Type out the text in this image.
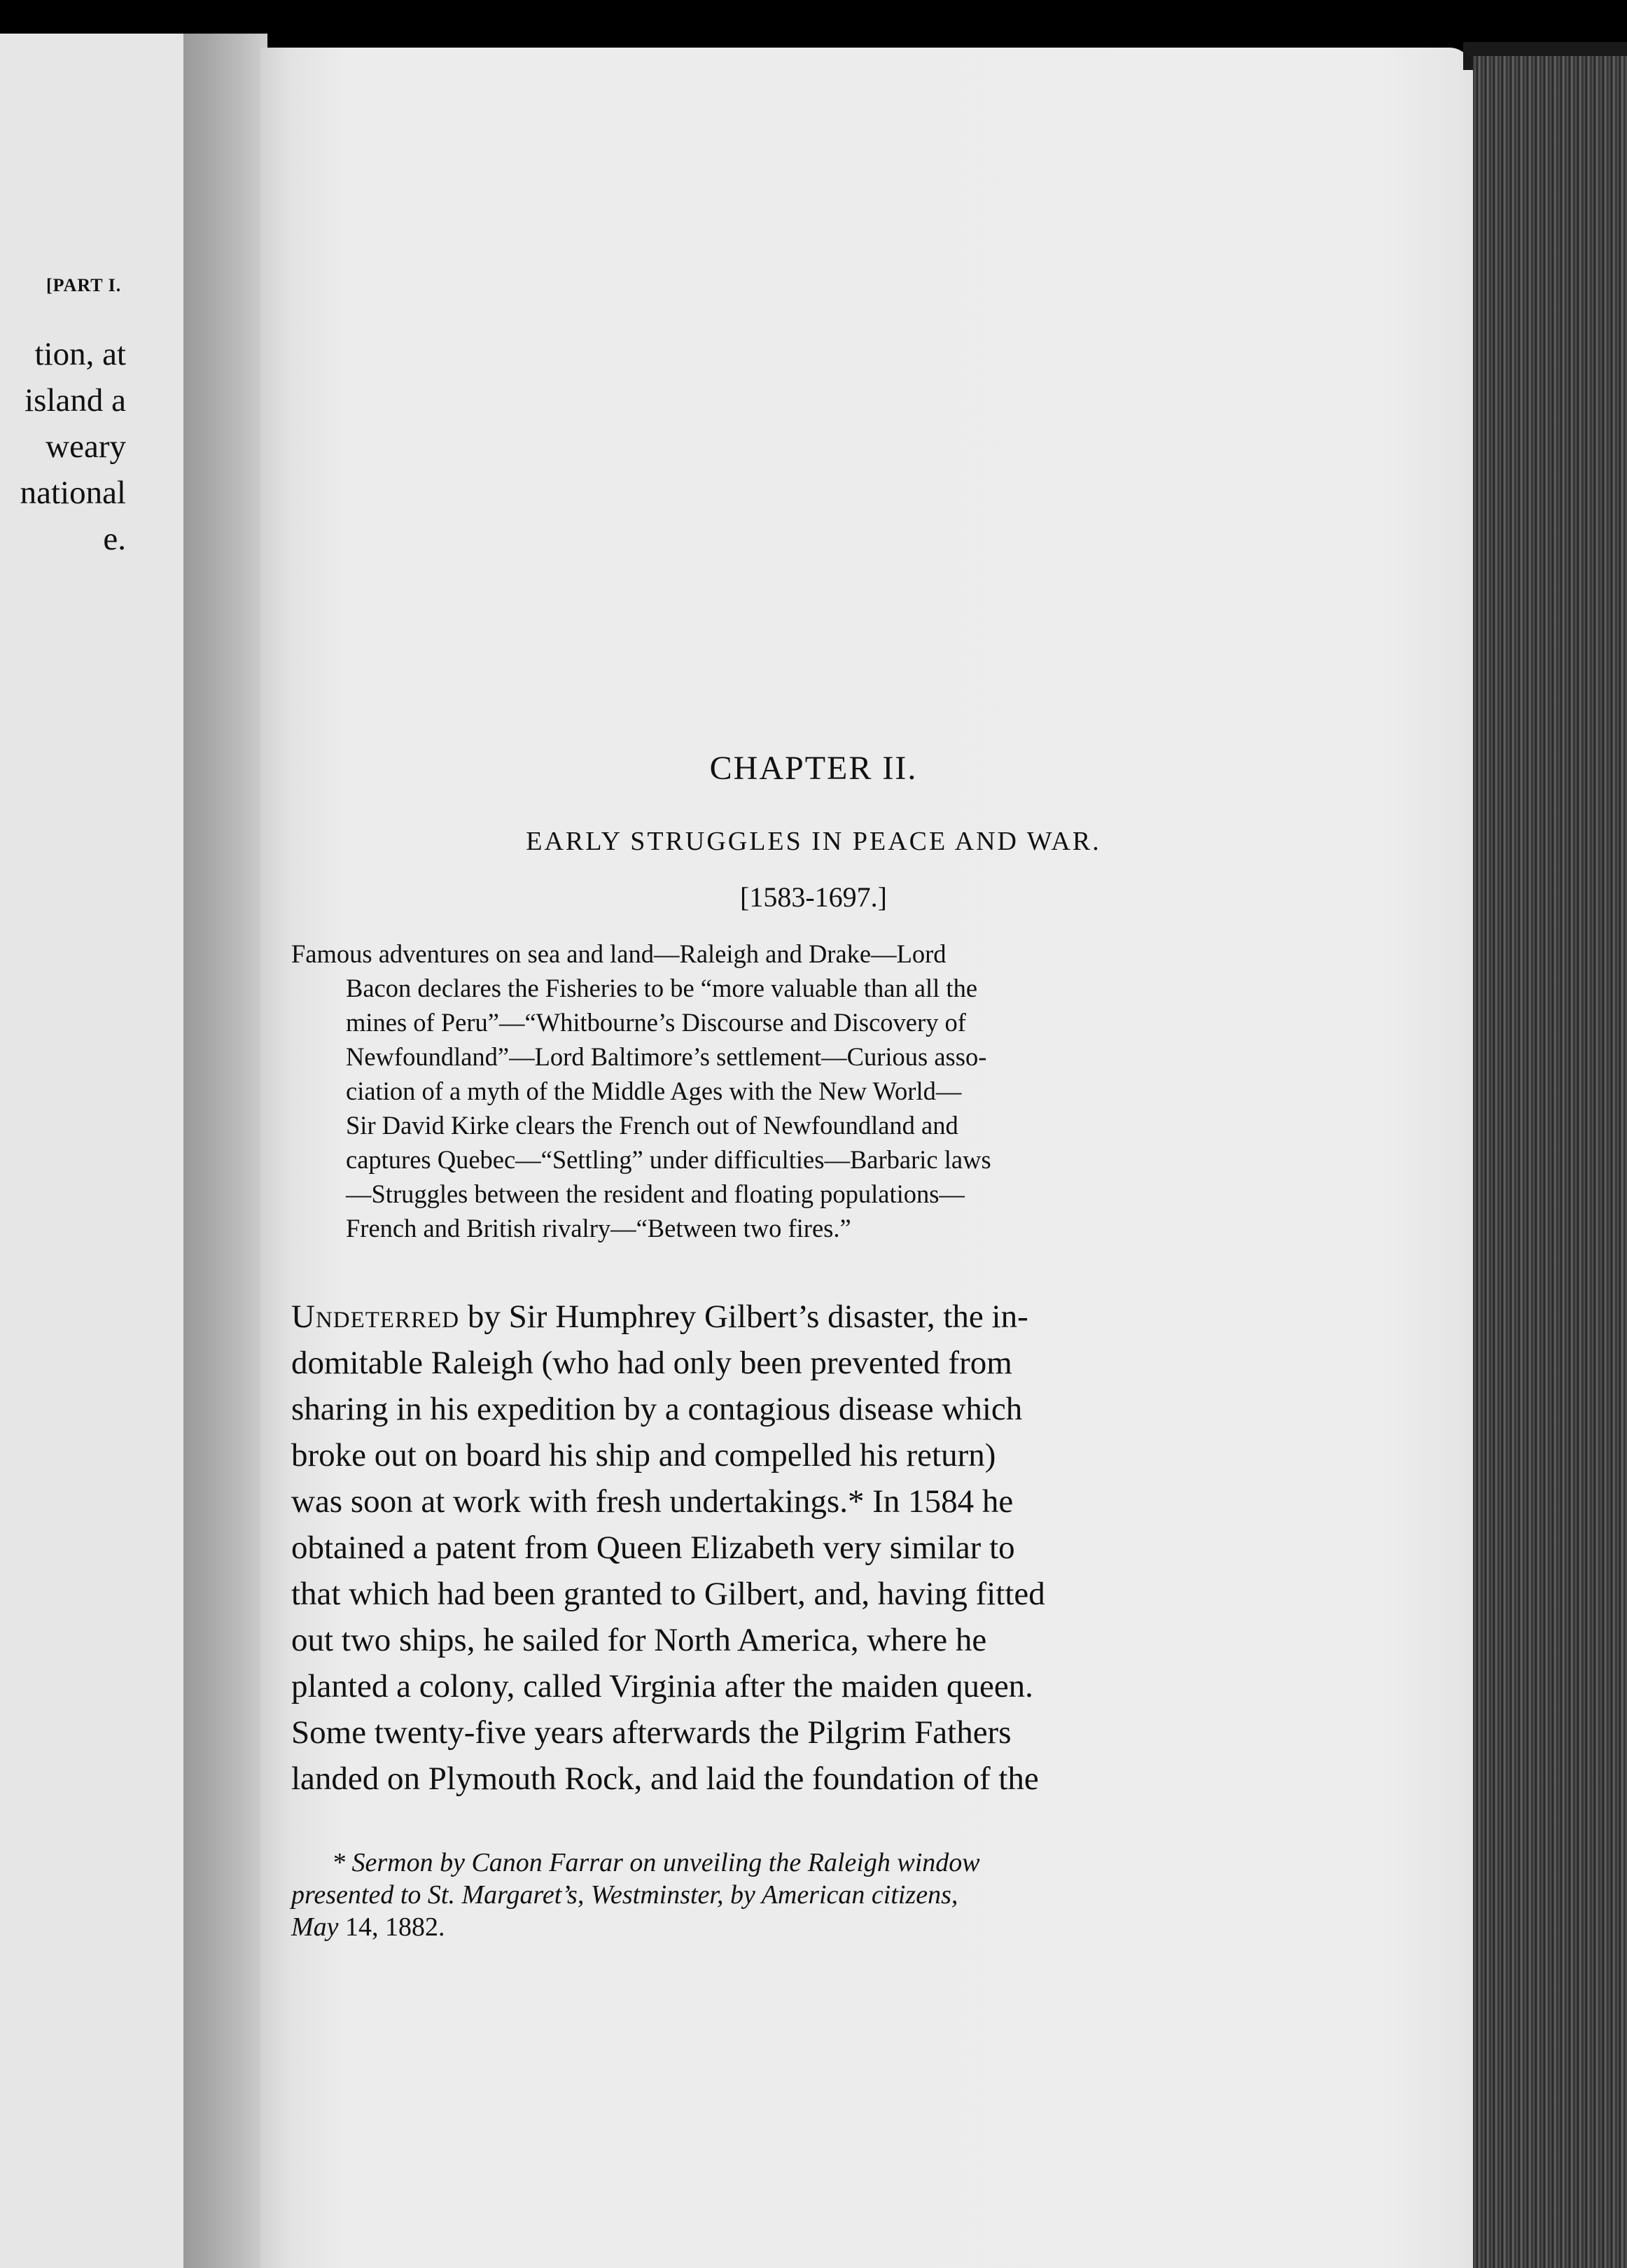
[PART I.
tion, at
island a
weary
national
e.
CHAPTER II.
EARLY STRUGGLES IN PEACE AND WAR.
[1583-1697.]
Famous adventures on sea and land—Raleigh and Drake—Lord
Bacon declares the Fisheries to be “more valuable than all the
mines of Peru”—“Whitbourne’s Discourse and Discovery of
Newfoundland”—Lord Baltimore’s settlement—Curious asso-
ciation of a myth of the Middle Ages with the New World—
Sir David Kirke clears the French out of Newfoundland and
captures Quebec—“Settling” under difficulties—Barbaric laws
—Struggles between the resident and floating populations—
French and British rivalry—“Between two fires.”
Undeterred by Sir Humphrey Gilbert’s disaster, the in-
domitable Raleigh (who had only been prevented from
sharing in his expedition by a contagious disease which
broke out on board his ship and compelled his return)
was soon at work with fresh undertakings.* In 1584 he
obtained a patent from Queen Elizabeth very similar to
that which had been granted to Gilbert, and, having fitted
out two ships, he sailed for North America, where he
planted a colony, called Virginia after the maiden queen.
Some twenty-five years afterwards the Pilgrim Fathers
landed on Plymouth Rock, and laid the foundation of the
* Sermon by Canon Farrar on unveiling the Raleigh window
presented to St. Margaret’s, Westminster, by American citizens,
May 14, 1882.
